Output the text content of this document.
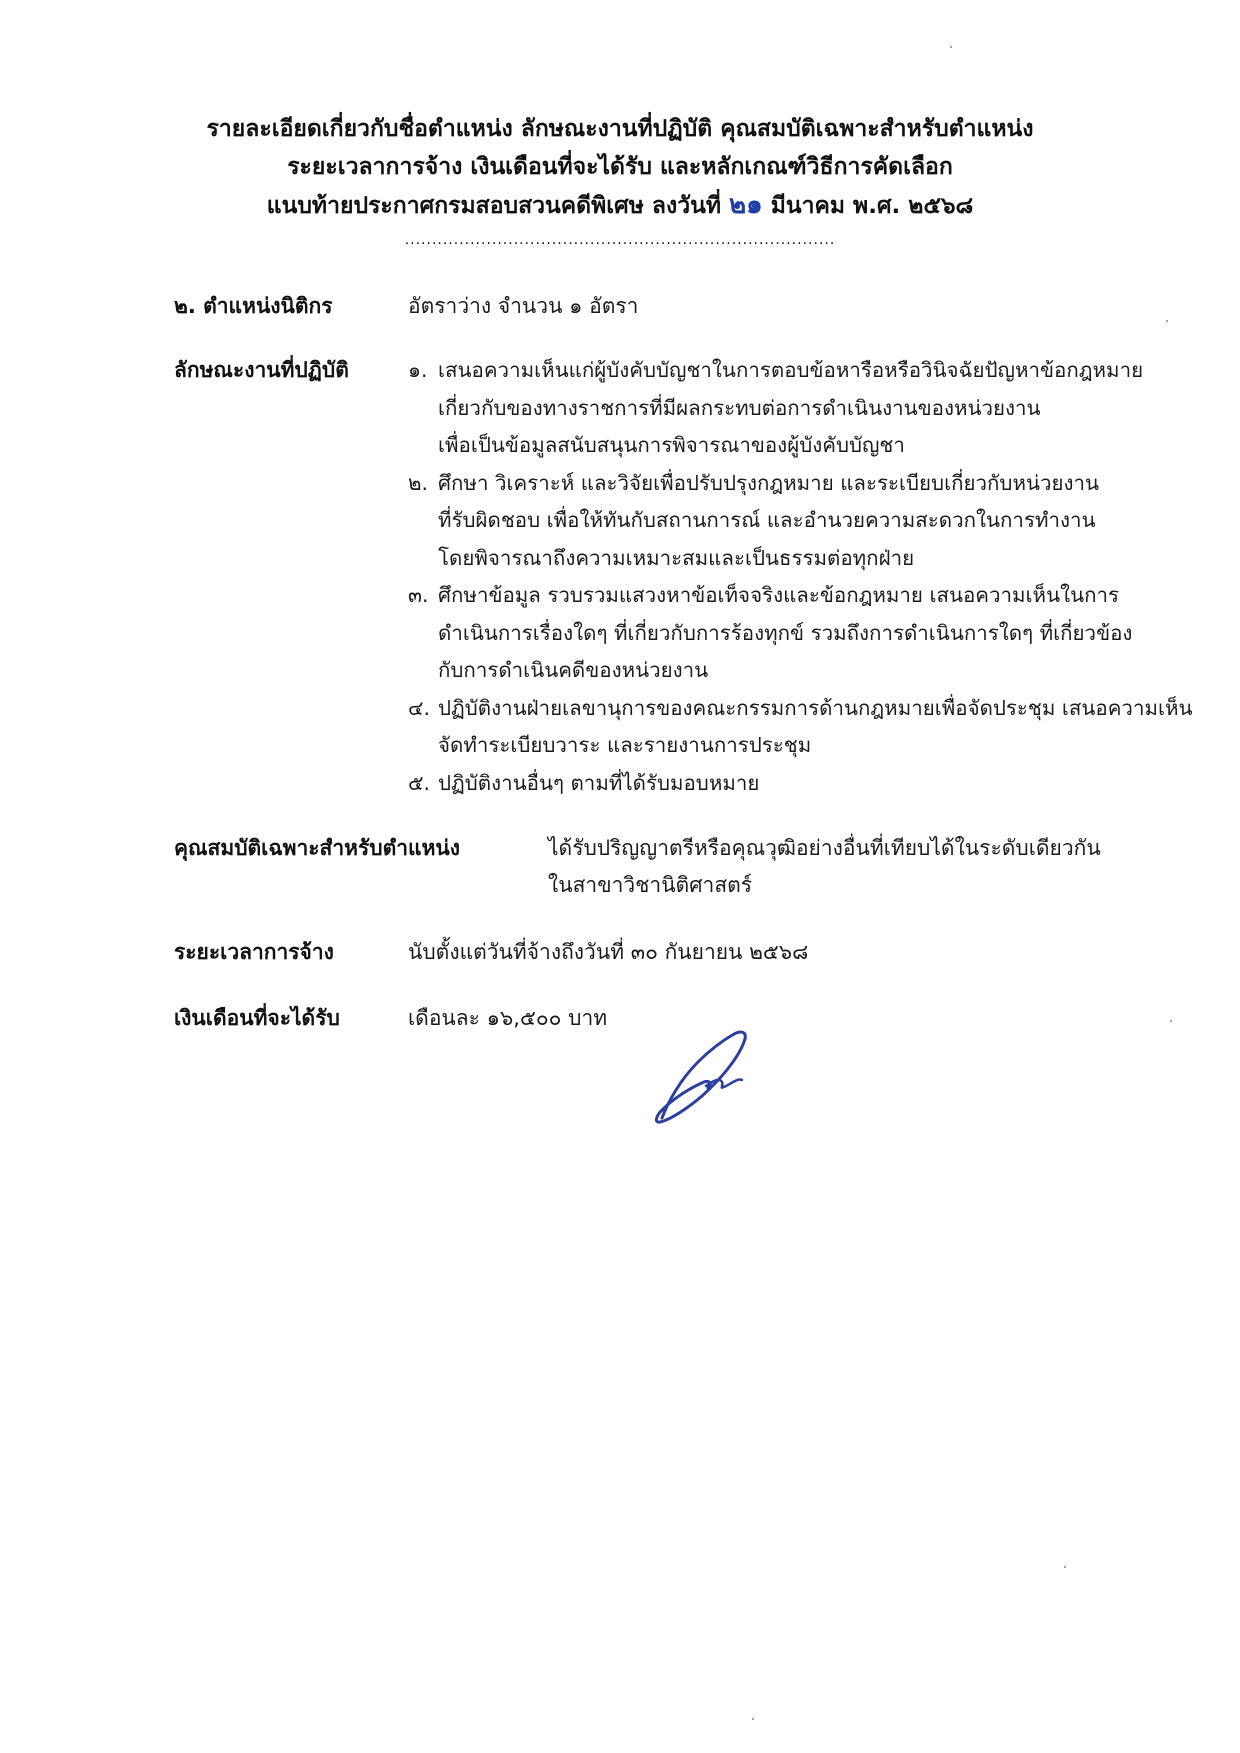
รายละเอียดเกี่ยวกับชื่อตำแหน่ง ลักษณะงานที่ปฏิบัติ คุณสมบัติเฉพาะสำหรับตำแหน่ง
ระยะเวลาการจ้าง เงินเดือนที่จะได้รับ และหลักเกณฑ์วิธีการคัดเลือก
แนบท้ายประกาศกรมสอบสวนคดีพิเศษ ลงวันที่ ๒๑ มีนาคม พ.ศ. ๒๕๖๘
...............................................................................
๒. ตำแหน่งนิติกร	อัตราว่าง จำนวน ๑ อัตรา
ลักษณะงานที่ปฏิบัติ	๑. เสนอความเห็นแก่ผู้บังคับบัญชาในการตอบข้อหารือหรือวินิจฉัยปัญหาข้อกฎหมาย
เกี่ยวกับของทางราชการที่มีผลกระทบต่อการดำเนินงานของหน่วยงาน
เพื่อเป็นข้อมูลสนับสนุนการพิจารณาของผู้บังคับบัญชา
๒. ศึกษา วิเคราะห์ และวิจัยเพื่อปรับปรุงกฎหมาย และระเบียบเกี่ยวกับหน่วยงาน
ที่รับผิดชอบ เพื่อให้ทันกับสถานการณ์ และอำนวยความสะดวกในการทำงาน
โดยพิจารณาถึงความเหมาะสมและเป็นธรรมต่อทุกฝ่าย
๓. ศึกษาข้อมูล รวบรวมแสวงหาข้อเท็จจริงและข้อกฎหมาย เสนอความเห็นในการ
ดำเนินการเรื่องใดๆ ที่เกี่ยวกับการร้องทุกข์ รวมถึงการดำเนินการใดๆ ที่เกี่ยวข้อง
กับการดำเนินคดีของหน่วยงาน
๔. ปฏิบัติงานฝ่ายเลขานุการของคณะกรรมการด้านกฎหมายเพื่อจัดประชุม เสนอความเห็น
จัดทำระเบียบวาระ และรายงานการประชุม
๕. ปฏิบัติงานอื่นๆ ตามที่ได้รับมอบหมาย
คุณสมบัติเฉพาะสำหรับตำแหน่ง	ได้รับปริญญาตรีหรือคุณวุฒิอย่างอื่นที่เทียบได้ในระดับเดียวกัน
ในสาขาวิชานิติศาสตร์
ระยะเวลาการจ้าง	นับตั้งแต่วันที่จ้างถึงวันที่ ๓๐ กันยายน ๒๕๖๘
เงินเดือนที่จะได้รับ	เดือนละ ๑๖,๕๐๐ บาท
